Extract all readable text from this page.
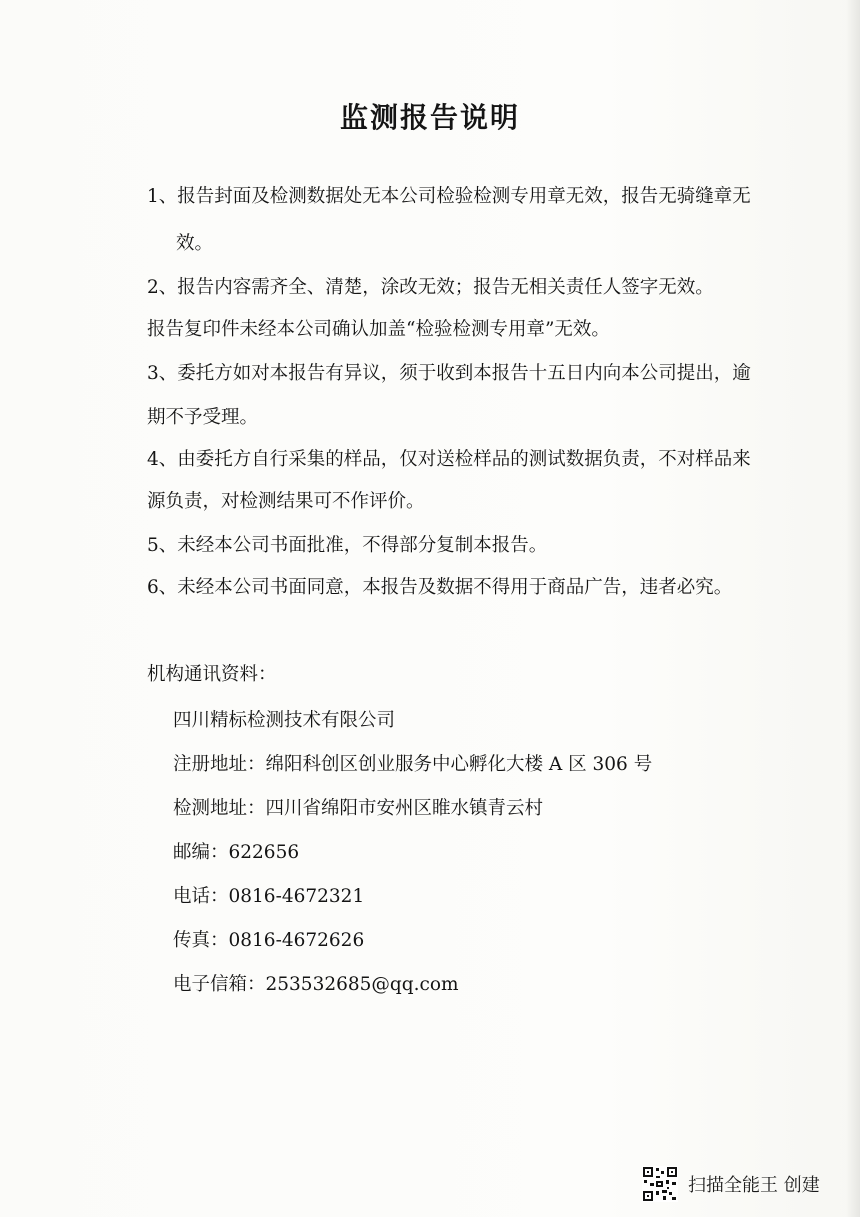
监测报告说明
1、报告封面及检测数据处无本公司检验检测专用章无效，报告无骑缝章无
效。
2、报告内容需齐全、清楚，涂改无效；报告无相关责任人签字无效。
报告复印件未经本公司确认加盖“检验检测专用章”无效。
3、委托方如对本报告有异议，须于收到本报告十五日内向本公司提出，逾
期不予受理。
4、由委托方自行采集的样品，仅对送检样品的测试数据负责，不对样品来
源负责，对检测结果可不作评价。
5、未经本公司书面批准，不得部分复制本报告。
6、未经本公司书面同意，本报告及数据不得用于商品广告，违者必究。
机构通讯资料：
四川精标检测技术有限公司
注册地址：绵阳科创区创业服务中心孵化大楼 A 区 306 号
检测地址：四川省绵阳市安州区睢水镇青云村
邮编：622656
电话：0816-4672321
传真：0816-4672626
电子信箱：253532685@qq.com
扫描全能王 创建
